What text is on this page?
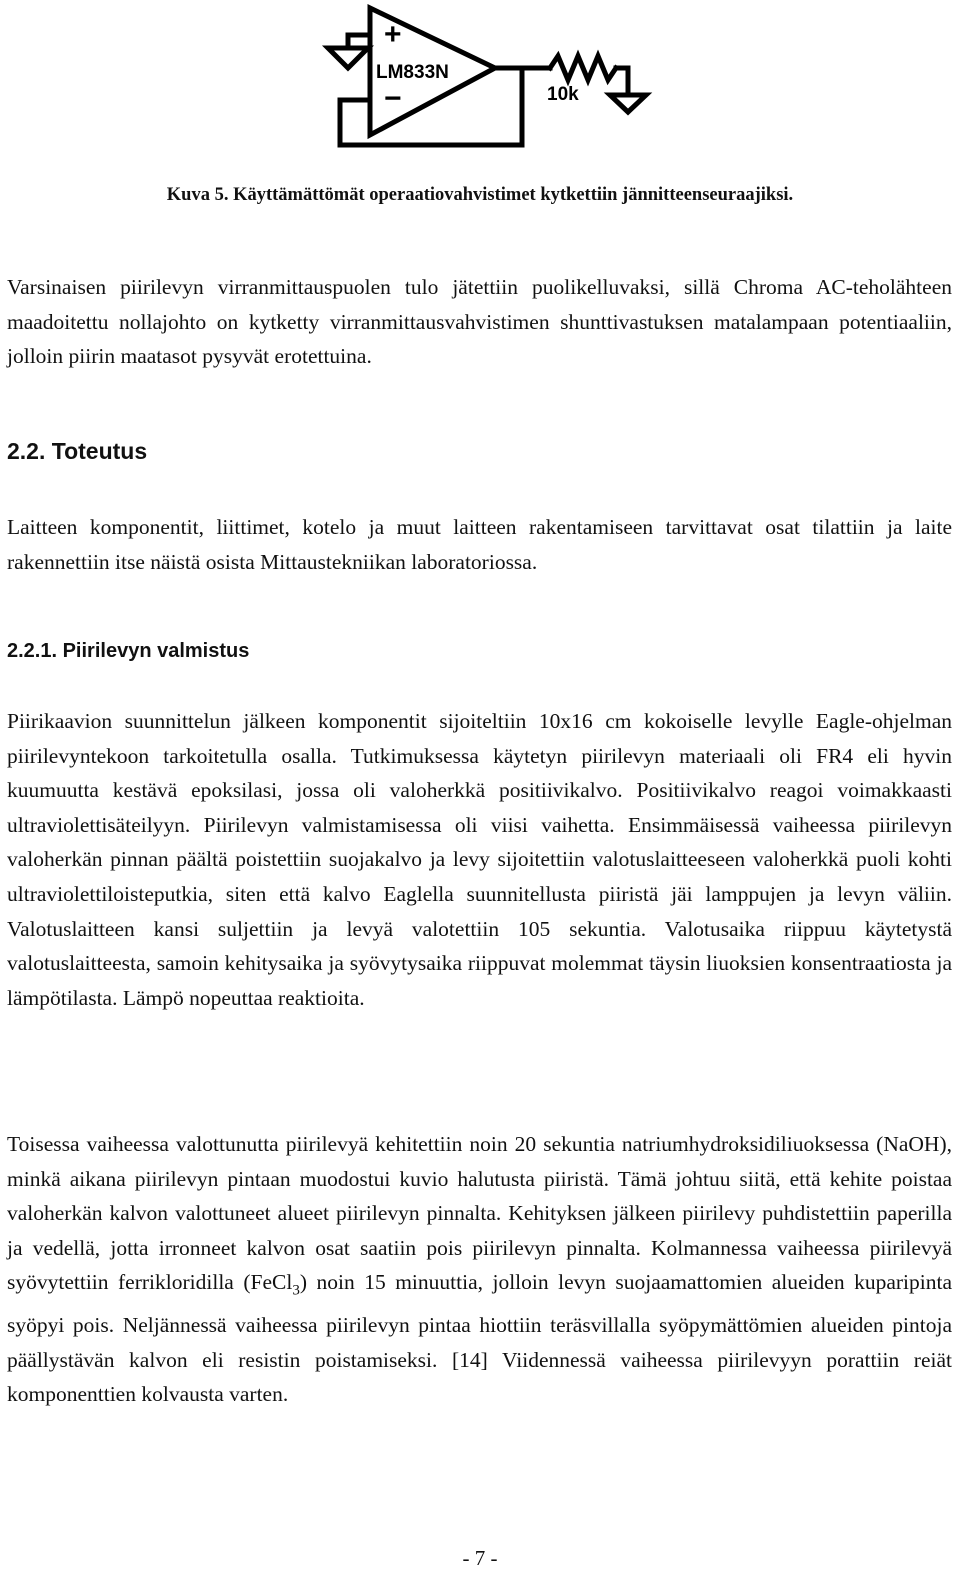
+
−
LM833N
10k
Kuva 5. Käyttämättömät operaatiovahvistimet kytkettiin jännitteenseuraajiksi.

Varsinaisen piirilevyn virranmittauspuolen tulo jätettiin puolikelluvaksi, sillä Chroma AC-teholähteen maadoitettu nollajohto on kytketty virranmittausvahvistimen shunttivastuksen matalampaan potentiaaliin, jolloin piirin maatasot pysyvät erotettuina.

2.2. Toteutus

Laitteen komponentit, liittimet, kotelo ja muut laitteen rakentamiseen tarvittavat osat tilattiin ja laite rakennettiin itse näistä osista Mittaustekniikan laboratoriossa.

2.2.1. Piirilevyn valmistus

Piirikaavion suunnittelun jälkeen komponentit sijoiteltiin 10x16 cm kokoiselle levylle Eagle-ohjelman piirilevyntekoon tarkoitetulla osalla. Tutkimuksessa käytetyn piirilevyn materiaali oli FR4 eli hyvin kuumuutta kestävä epoksilasi, jossa oli valoherkkä positiivikalvo. Positiivikalvo reagoi voimakkaasti ultraviolettisäteilyyn. Piirilevyn valmistamisessa oli viisi vaihetta. Ensimmäisessä vaiheessa piirilevyn valoherkän pinnan päältä poistettiin suojakalvo ja levy sijoitettiin valotuslaitteeseen valoherkkä puoli kohti ultraviolettiloisteputkia, siten että kalvo Eaglella suunnitellusta piiristä jäi lamppujen ja levyn väliin. Valotuslaitteen kansi suljettiin ja levyä valotettiin 105 sekuntia. Valotusaika riippuu käytetystä valotuslaitteesta, samoin kehitysaika ja syövytysaika riippuvat molemmat täysin liuoksien konsentraatiosta ja lämpötilasta. Lämpö nopeuttaa reaktioita.

Toisessa vaiheessa valottunutta piirilevyä kehitettiin noin 20 sekuntia natriumhydroksidiliuoksessa (NaOH), minkä aikana piirilevyn pintaan muodostui kuvio halutusta piiristä. Tämä johtuu siitä, että kehite poistaa valoherkän kalvon valottuneet alueet piirilevyn pinnalta. Kehityksen jälkeen piirilevy puhdistettiin paperilla ja vedellä, jotta irronneet kalvon osat saatiin pois piirilevyn pinnalta. Kolmannessa vaiheessa piirilevyä syövytettiin ferrikloridilla (FeCl$_3$) noin 15 minuuttia, jolloin levyn suojaamattomien alueiden kuparipinta syöpyi pois. Neljännessä vaiheessa piirilevyn pintaa hiottiin teräsvillalla syöpymättömien alueiden pintoja päällystävän kalvon eli resistin poistamiseksi. [14] Viidennessä vaiheessa piirilevyyn porattiin reiät komponenttien kolvausta varten.

- 7 -
